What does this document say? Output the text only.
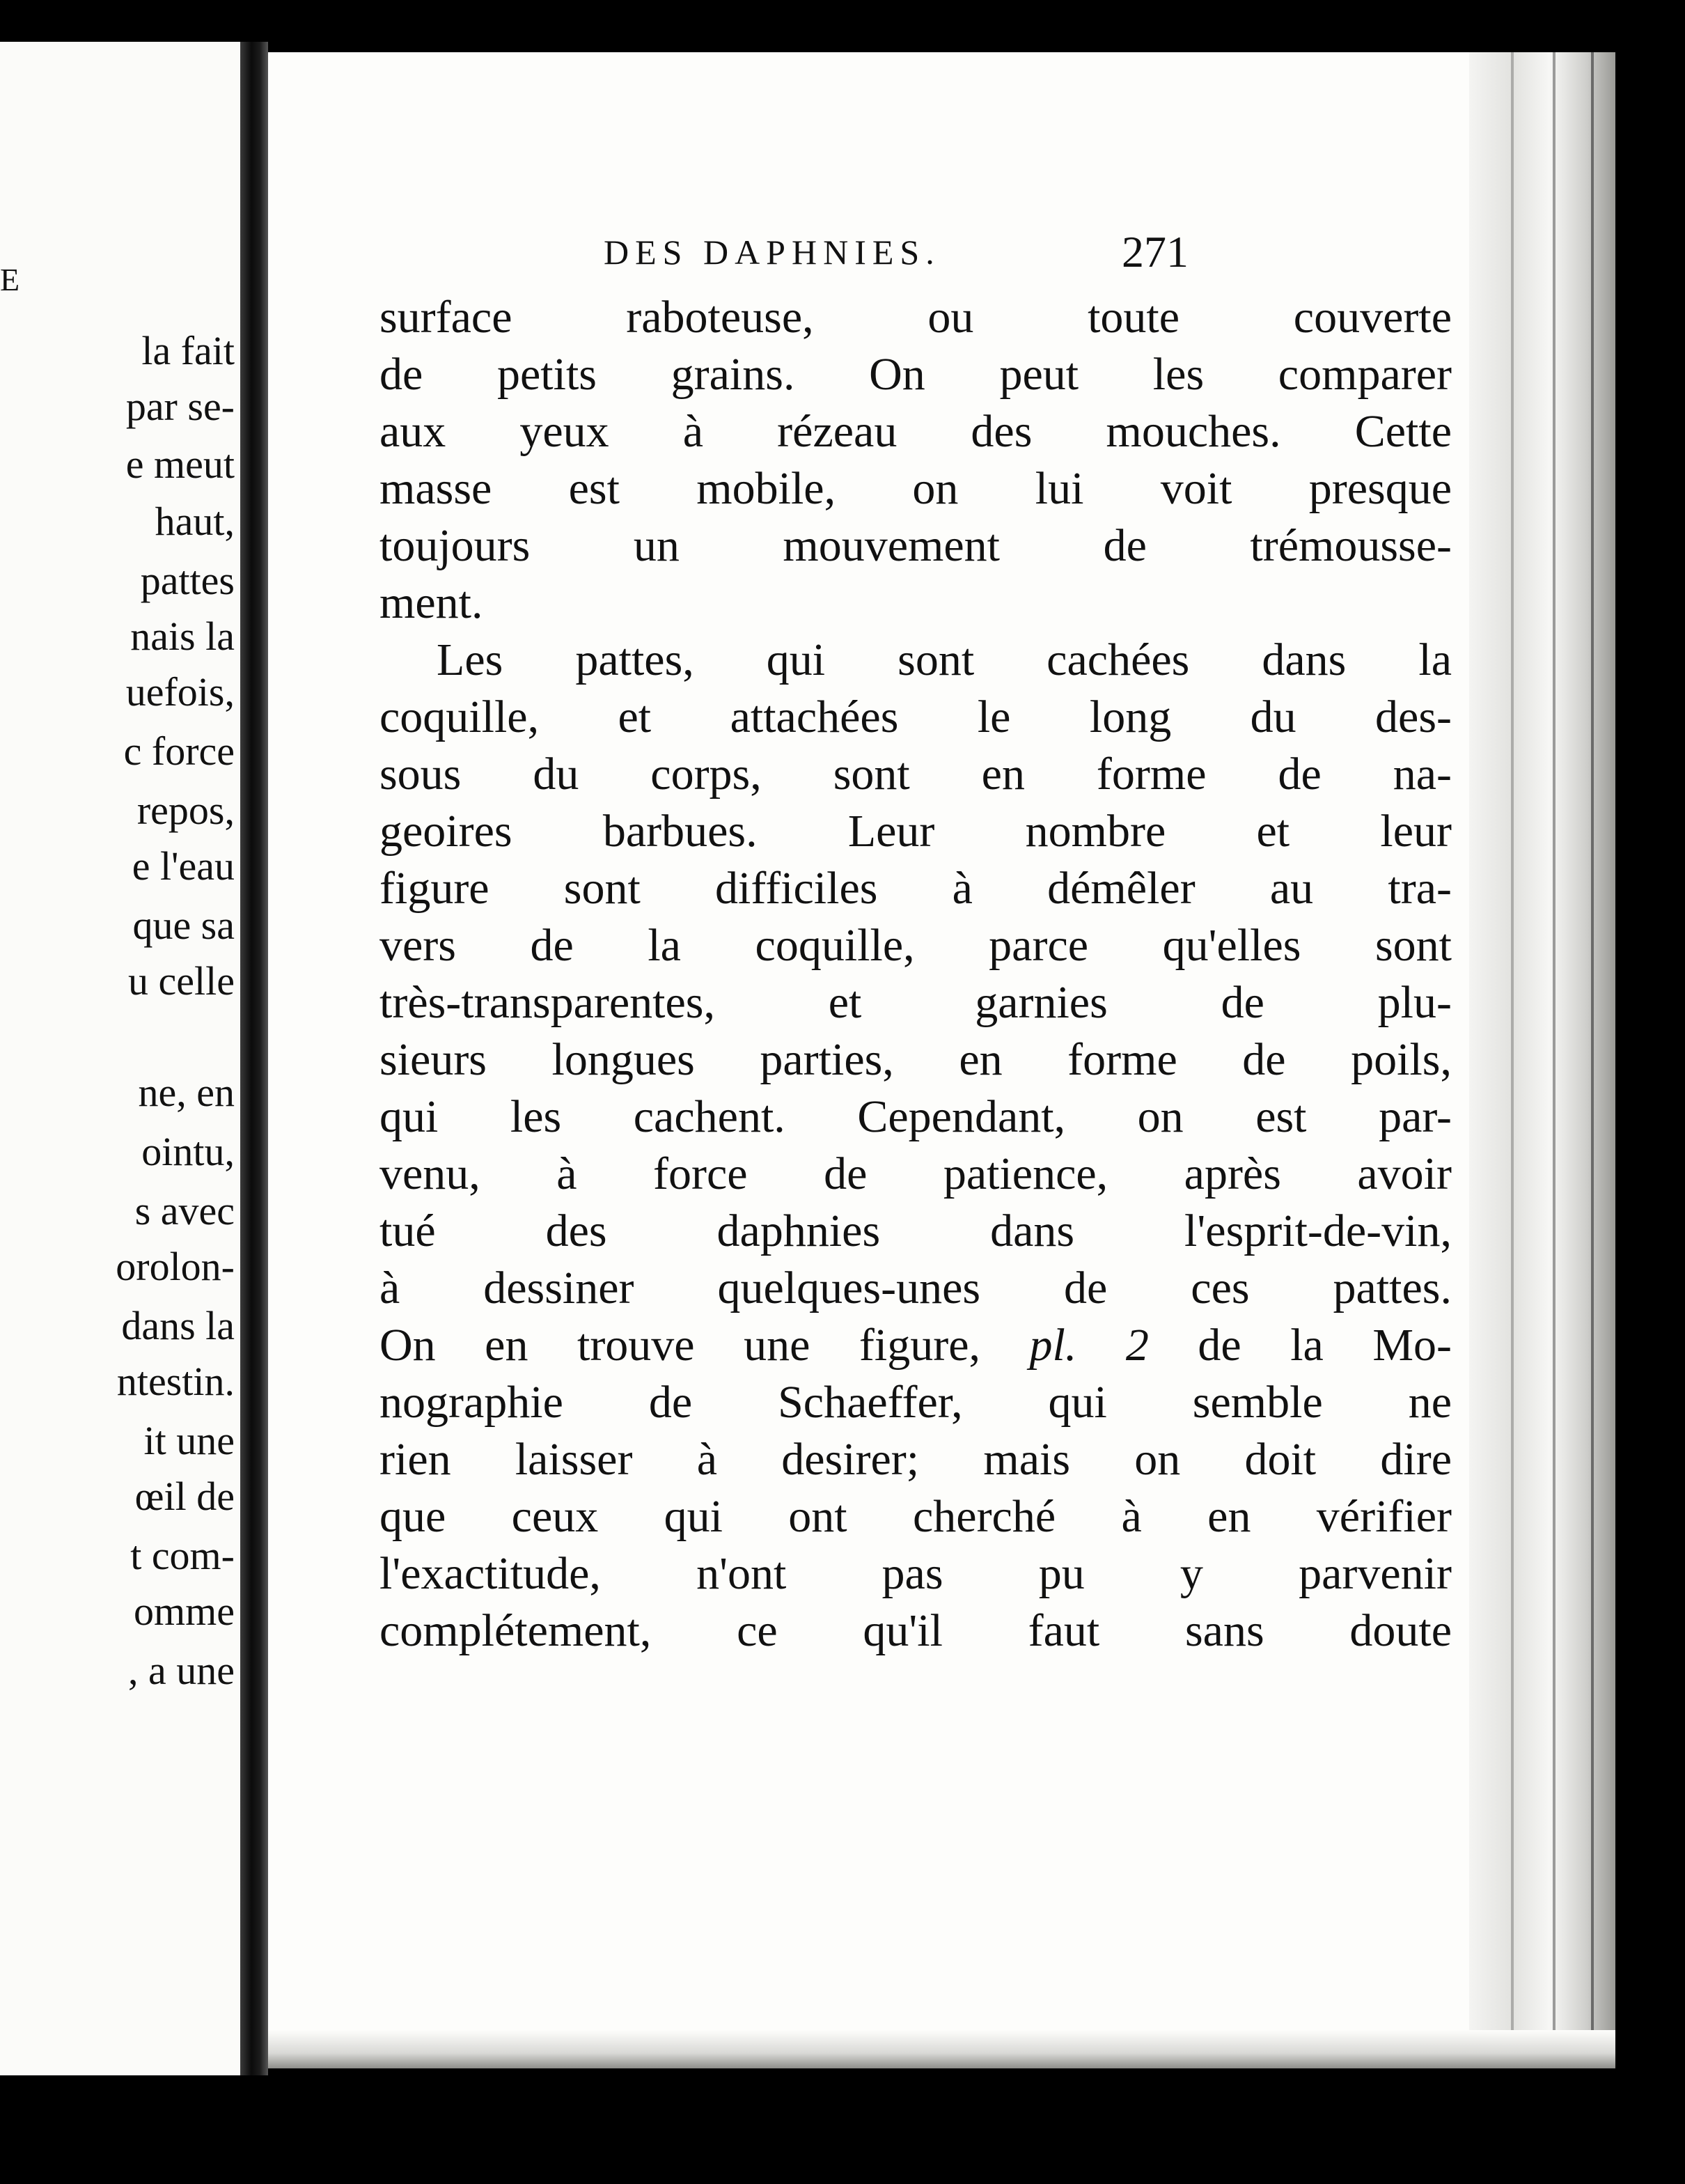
E
la fait
par se-
e meut
haut,
pattes
nais la
uefois,
c force
repos,
e l'eau
que sa
u celle
ne, en
ointu,
s avec
orolon-
dans la
ntestin.
it une
œil de
t com-
omme
, a une
DES DAPHNIES.	271
surface raboteuse, ou toute couverte
de petits grains. On peut les comparer
aux yeux à rézeau des mouches. Cette
masse est mobile, on lui voit presque
toujours un mouvement de trémousse-
ment.
Les pattes, qui sont cachées dans la
coquille, et attachées le long du des-
sous du corps, sont en forme de na-
geoires barbues. Leur nombre et leur
figure sont difficiles à démêler au tra-
vers de la coquille, parce qu'elles sont
très-transparentes, et garnies de plu-
sieurs longues parties, en forme de poils,
qui les cachent. Cependant, on est par-
venu, à force de patience, après avoir
tué des daphnies dans l'esprit-de-vin,
à dessiner quelques-unes de ces pattes.
On en trouve une figure, pl. 2 de la Mo-
nographie de Schaeffer, qui semble ne
rien laisser à desirer; mais on doit dire
que ceux qui ont cherché à en vérifier
l'exactitude, n'ont pas pu y parvenir
complétement, ce qu'il faut sans doute
